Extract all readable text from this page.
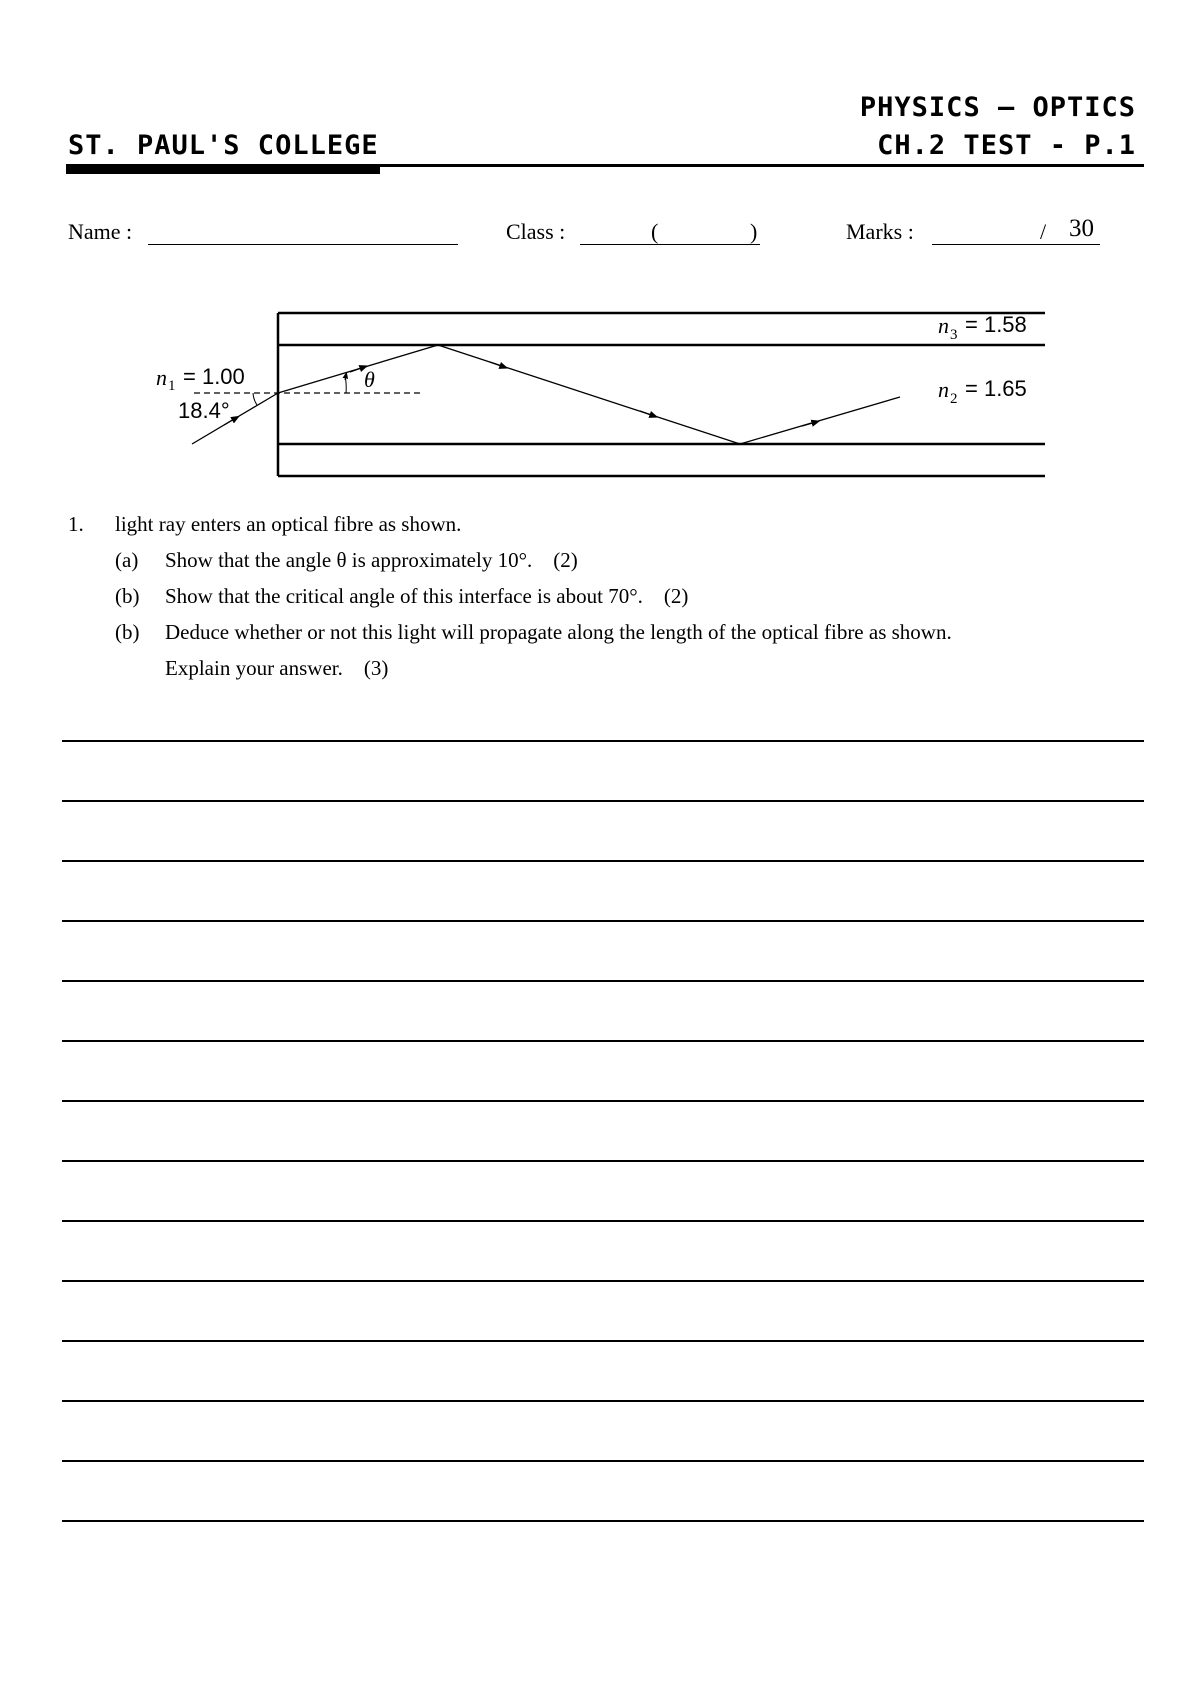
PHYSICS – OPTICS
ST. PAUL'S COLLEGE	CH.2 TEST - P.1
Name :	Class :	(	)	Marks :	/ 30
n 1 = 1.00
18.4°
θ
n 3 = 1.58
n 2 = 1.65
1. light ray enters an optical fibre as shown.
(a) Show that the angle θ is approximately 10°. (2)
(b) Show that the critical angle of this interface is about 70°. (2)
(b) Deduce whether or not this light will propagate along the length of the optical fibre as shown.
Explain your answer. (3)
